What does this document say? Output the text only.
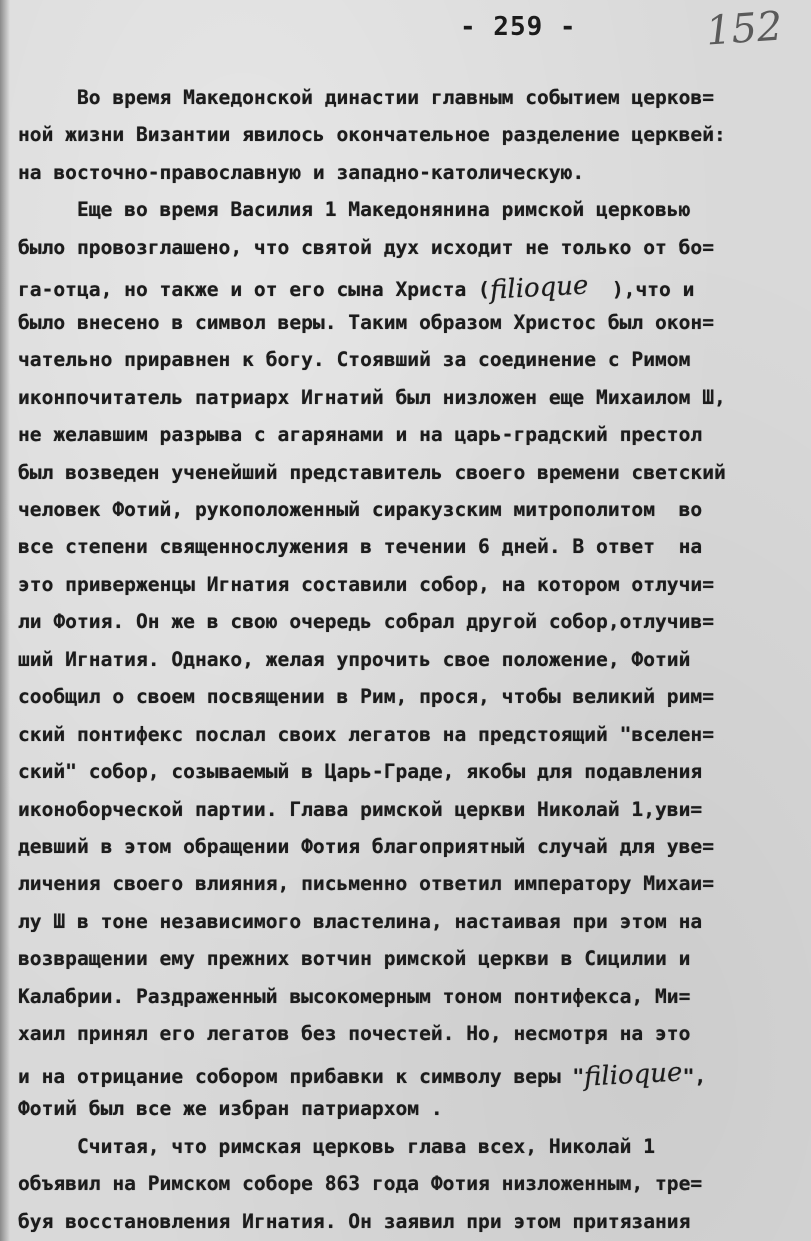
- 259 -	152
Во время Македонской династии главным событием церков=
ной жизни Византии явилось окончательное разделение церквей:
на восточно-православную и западно-католическую.
Еще во время Василия 1 Македонянина римской церковью
было провозглашено, что святой дух исходит не только от бо=
га-отца, но также и от его сына Христа (filioque  ),что и
было внесено в символ веры. Таким образом Христос был окон=
чательно приравнен к богу. Стоявший за соединение с Римом
иконпочитатель патриарх Игнатий был низложен еще Михаилом Ш,
не желавшим разрыва с агарянами и на царь-градский престол
был возведен ученейший представитель своего времени светский
человек Фотий, рукоположенный сиракузским митрополитом  во
все степени священнослужения в течении 6 дней. В ответ  на
это приверженцы Игнатия составили собор, на котором отлучи=
ли Фотия. Он же в свою очередь собрал другой собор,отлучив=
ший Игнатия. Однако, желая упрочить свое положение, Фотий
сообщил о своем посвящении в Рим, прося, чтобы великий рим=
ский понтифекс послал своих легатов на предстоящий "вселен=
ский" собор, созываемый в Царь-Граде, якобы для подавления
иконоборческой партии. Глава римской церкви Николай 1,уви=
девший в этом обращении Фотия благоприятный случай для уве=
личения своего влияния, письменно ответил императору Михаи=
лу Ш в тоне независимого властелина, настаивая при этом на
возвращении ему прежних вотчин римской церкви в Сицилии и
Калабрии. Раздраженный высокомерным тоном понтифекса, Ми=
хаил принял его легатов без почестей. Но, несмотря на это
и на отрицание собором прибавки к символу веры "filioque",
Фотий был все же избран патриархом .
Считая, что римская церковь глава всех, Николай 1
объявил на Римском соборе 863 года Фотия низложенным, тре=
буя восстановления Игнатия. Он заявил при этом притязания
